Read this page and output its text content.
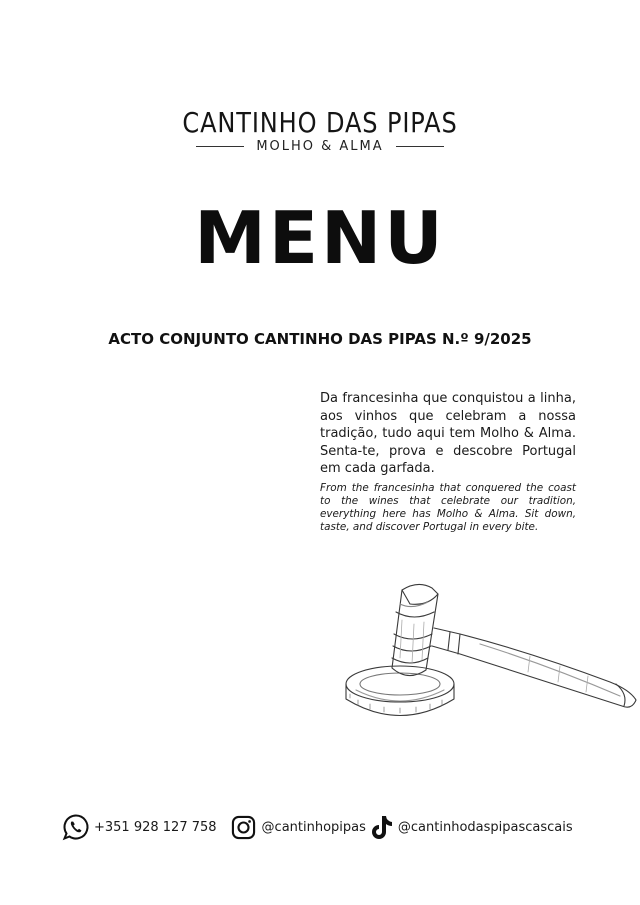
CANTINHO DAS PIPAS
MOLHO & ALMA
MENU
ACTO CONJUNTO CANTINHO DAS PIPAS N.º 9/2025
Da francesinha que conquistou a linha, aos vinhos que celebram a nossa tradição, tudo aqui tem Molho & Alma. Senta-te, prova e descobre Portugal em cada garfada.
From the francesinha that conquered the coast to the wines that celebrate our tradition, everything here has Molho & Alma. Sit down, taste, and discover Portugal in every bite.
+351 928 127 758	@cantinhopipas @cantinhodaspipascascais
